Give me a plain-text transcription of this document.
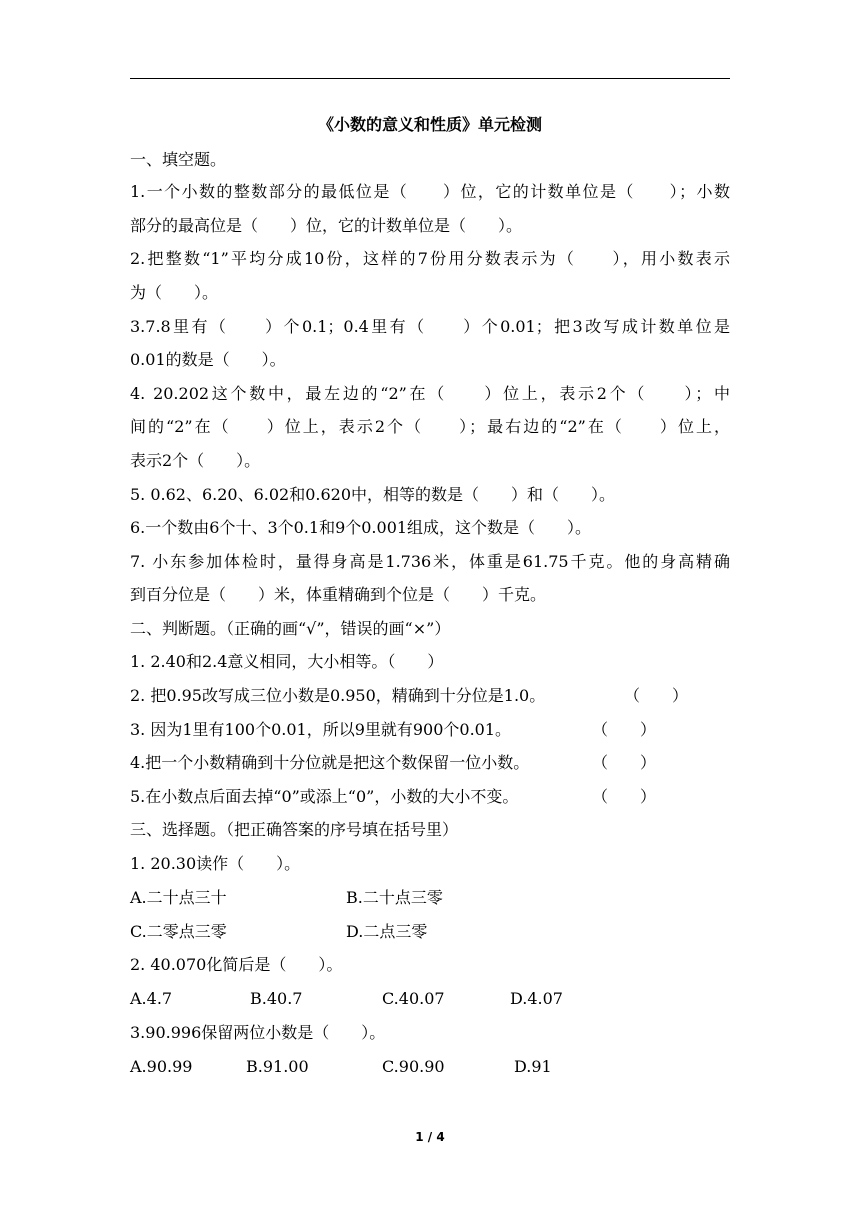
《小数的意义和性质》单元检测
一、填空题。
1.一个小数的整数部分的最低位是（　　）位，它的计数单位是（　　）；小数
部分的最高位是（　　）位，它的计数单位是（　　）。
2.把整数“1”平均分成10份，这样的7份用分数表示为（　　），用小数表示
为（　　）。
3.7.8里有（　　）个0.1；0.4里有（　　）个0.01；把3改写成计数单位是
0.01的数是（　　）。
4. 20.202这个数中，最左边的“2”在（　　）位上，表示2个（　　）；中
间的“2”在（　　）位上，表示2个（　　）；最右边的“2”在（　　）位上，
表示2个（　　）。
5. 0.62、6.20、6.02和0.620中，相等的数是（　　）和（　　）。
6.一个数由6个十、3个0.1和9个0.001组成，这个数是（　　）。
7. 小东参加体检时，量得身高是1.736米，体重是61.75千克。他的身高精确
到百分位是（　　）米，体重精确到个位是（　　）千克。
二、判断题。（正确的画“√”，错误的画“×”）
1. 2.40和2.4意义相同，大小相等。（　　）
2. 把0.95改写成三位小数是0.950，精确到十分位是1.0。	（　　）
3. 因为1里有100个0.01，所以9里就有900个0.01。	（　　）
4.把一个小数精确到十分位就是把这个数保留一位小数。	（　　）
5.在小数点后面去掉“0”或添上“0”，小数的大小不变。	（　　）
三、选择题。（把正确答案的序号填在括号里）
1. 20.30读作（　　）。
A.二十点三十	B.二十点三零
C.二零点三零	D.二点三零
2. 40.070化简后是（　　）。
A.4.7	B.40.7	C.40.07	D.4.07
3.90.996保留两位小数是（　　）。
A.90.99	B.91.00	C.90.90	D.91
1 / 4
